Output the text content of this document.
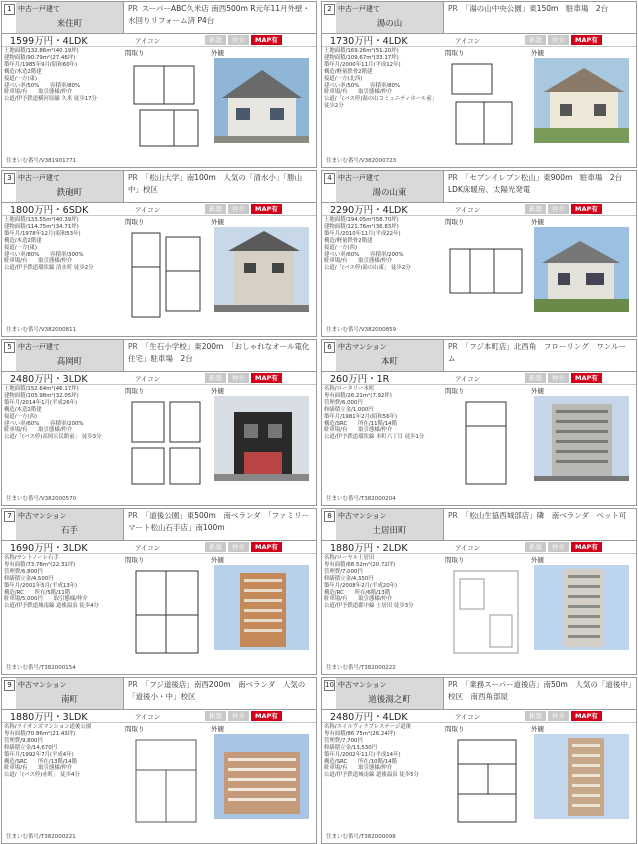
1 中古一戸建て
来住町
PR スーパーABC久米店 南西500m R元年11月外壁・水回りリフォーム済 P4台
1599万円・4LDK	アイコン	新築	仲介	MAP有
土地面積/132.86m²(40.19坪)
建物面積/90.79m²(27.46坪)
築年月/1985年9月(昭和60年)
構造/木造2階建
接道/一方(東)
建ぺい率/50%　　容積率/80%
駐車場/有　　取引態様/仲介
公道/伊予鉄道横河原線 久米 徒歩17分
間取り	外観
住まいむ番号/V381901771
2 中古一戸建て
湯の山
PR 「湯の山中央公園」東150m　駐車場　2台
1730万円・4LDK	アイコン	新築	仲介	MAP有
土地面積/169.26m²(51.20坪)
建物面積/109.67m²(33.17坪)
築年月/2000年11月(平成12年)
構造/軽量鉄骨2階建
接道/一方(北西)
建ぺい率/50%　　容積率/80%
駐車場/有　　取引態様/仲介
公道/「(バス停)湯の山コミュニティホール前」 徒歩2分
間取り	外観
住まいむ番号/V382000723
3 中古一戸建て
鉄砲町
PR 「松山大学」南100m　人気の「清水小」「勝山中」校区
1800万円・6SDK	アイコン	新築	仲介	MAP有
土地面積/133.55m²(40.39坪)
建物面積/114.75m²(34.71坪)
築年月/1978年12月(昭和53年)
構造/木造2階建
接道/一方(東)
建ぺい率/80%　　容積率/300%
駐車場/有　　取引態様/仲介
公道/伊予鉄道環状線 清水町 徒歩2分
間取り	外観
住まいむ番号/V382000811
4 中古一戸建て
湯の山東
PR 「セブンイレブン松山」東900m　駐車場　2台　LDK床暖房、太陽光発電
2290万円・4LDK	アイコン	新築	仲介	MAP有
土地面積/194.05m²(58.70坪)
建物面積/121.76m²(36.83坪)
築年月/2010年11月(平成22年)
構造/軽量鉄骨2階建
接道/一方(西)
建ぺい率/60%　　容積率/200%
駐車場/有　　取引態様/仲介
公道/「(バス停)湯の山東」 徒歩2分
間取り	外観
住まいむ番号/V382000859
5 中古一戸建て
高岡町
PR 「生石小学校」東200m　「おしゃれなオール電化住宅」駐車場　2台
2480万円・3LDK	アイコン	新築	仲介	MAP有
土地面積/152.64m²(46.17坪)
建物面積/105.98m²(32.05坪)
築年月/2014年1月(平成26年)
構造/木造2階建
接道/一方(西)
建ぺい率/60%　　容積率/200%
駐車場/有　　取引態様/仲介
公道/「(バス停)高岡公民館前」 徒歩3分
間取り	外観
住まいむ番号/V382000570
6 中古マンション
本町
PR 「フジ本町店」北西角　フローリング　ワンルーム
260万円・1R	アイコン	新築	仲介	MAP有
名称/ロータリー本町
専有面積/26.21m²(7.92坪)
管理費/6,000円
修繕積立金/1,000円
築年月/1981年2月(昭和56年)
構造/SRC　　所在/11階/14階
駐車場/有　　取引態様/仲介
公道/伊予鉄道環状線 本町六丁目 徒歩1分
間取り	外観
住まいむ番号/T382000204
7 中古マンション
石手
PR 「道後公園」東500m　南ベランダ　「ファミリーマート松山石手店」南100m
1690万円・3LDK	アイコン	新築	仲介	MAP有
名称/サントノーレ石手
専有面積/73.78m²(22.31坪)
管理費/6,800円
修繕積立金/4,500円
築年月/2001年5月(平成13年)
構造/RC　　所在/5階/11階
駐車場/5,000円　　取引態様/仲介
公道/伊予鉄道城南線 道後温泉 徒歩4分
間取り	外観
住まいむ番号/T382000154
8 中古マンション
土居田町
PR 「松山生協西城部店」隣　南ベランダ　ペット可
1880万円・2LDK	アイコン	新築	仲介	MAP有
名称/ローヤル土居田
専有面積/68.52m²(20.72坪)
管理費/7,000円
修繕積立金/4,350円
築年月/2008年2月(平成20年)
構造/RC　　所在/6階/13階
駐車場/有　　取引態様/仲介
公道/伊予鉄道郡中線 土居田 徒歩3分
間取り	外観
住まいむ番号/T382000222
9 中古マンション
南町
PR 「フジ道後店」南西200m　南ベランダ　人気の「道後小・中」校区
1880万円・3LDK	アイコン	新築	仲介	MAP有
名称/ライオンズマンション道後公園
専有面積/70.86m²(21.43坪)
管理費/9,800円
修繕積立金/14,670円
築年月/1992年7月(平成4年)
構造/SRC　　所在/13階/14階
駐車場/有　　取引態様/仲介
公道/「(バス停)赤町」 徒歩4分
間取り	外観
住まいむ番号/T382000221
10 中古マンション
道後湯之町
PR 「業務スーパー道後店」南50m　人気の「道後中」校区　南西角部屋
2480万円・4LDK	アイコン	新築	仲介	MAP有
名称/エイルヴィラプレステージ道後
専有面積/86.75m²(26.24坪)
管理費/7,700円
修繕積立金/13,530円
築年月/2002年11月(平成14年)
構造/SRC　　所在/10階/14階
駐車場/有　　取引態様/仲介
公道/伊予鉄道城南線 道後温泉 徒歩5分
間取り	外観
住まいむ番号/T382000098
